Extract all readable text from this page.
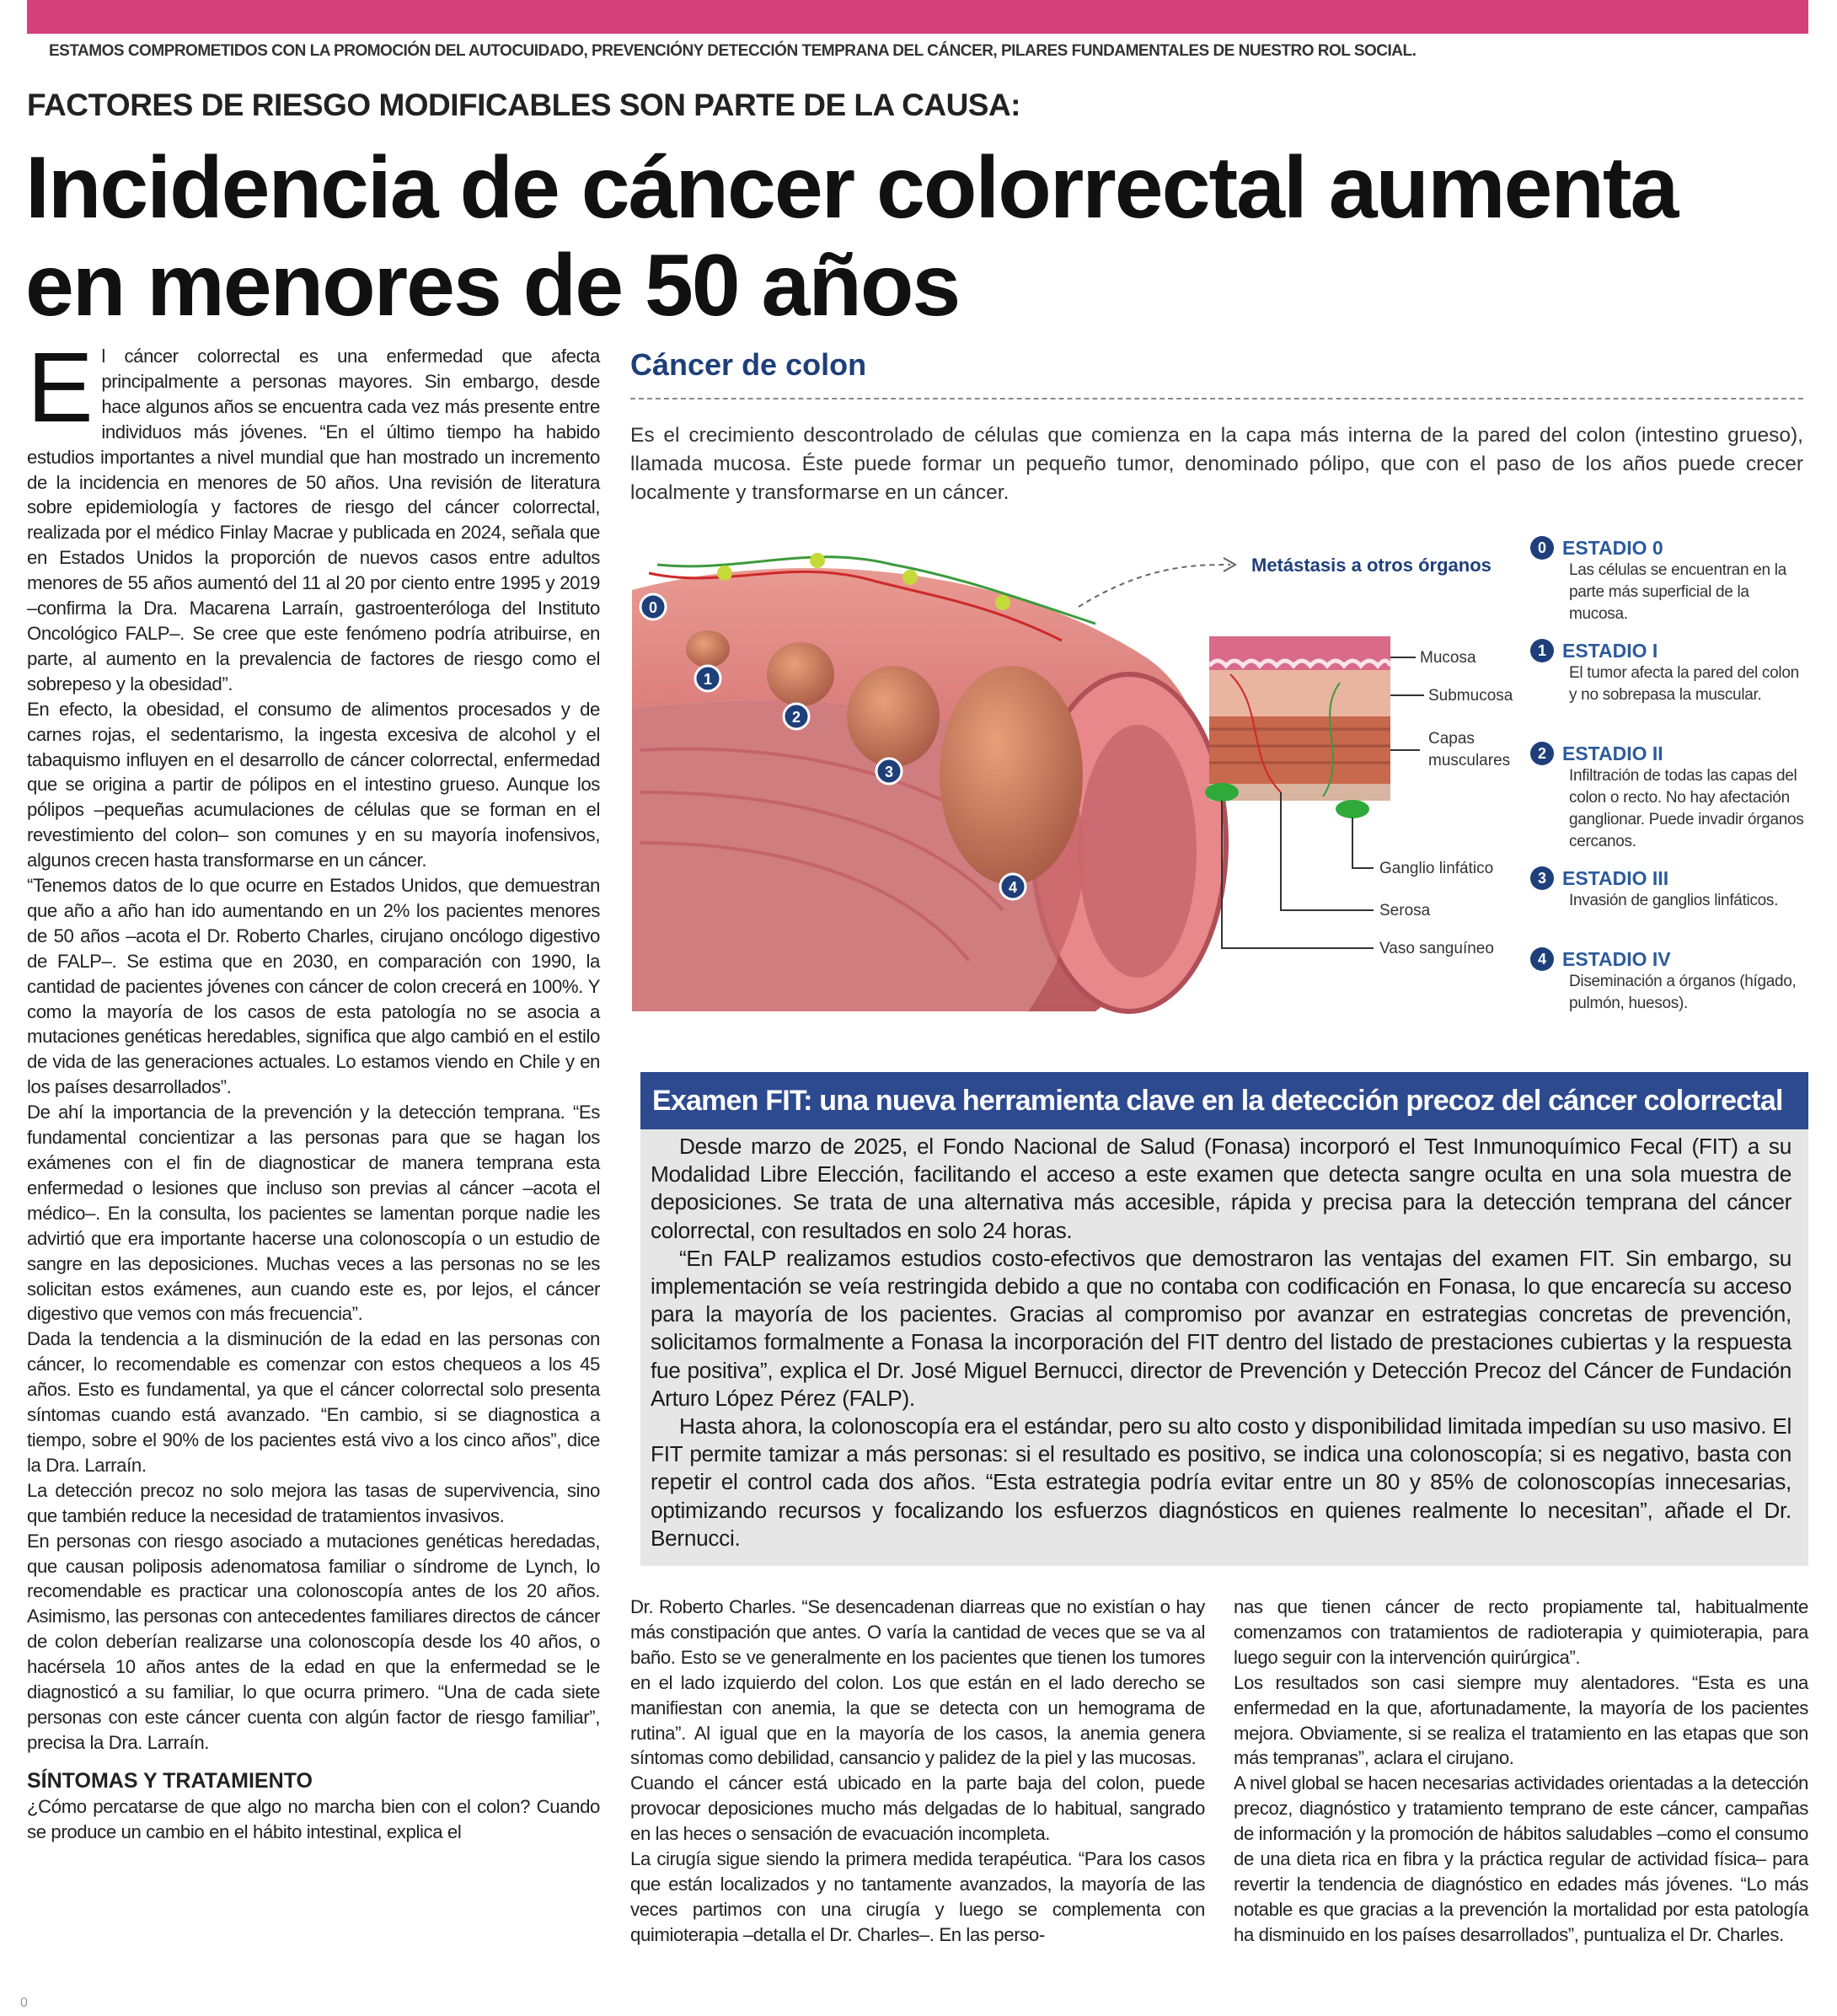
ESTAMOS COMPROMETIDOS CON LA PROMOCIÓN DEL AUTOCUIDADO, PREVENCIÓNY DETECCIÓN TEMPRANA DEL CÁNCER, PILARES FUNDAMENTALES DE NUESTRO ROL SOCIAL.
FACTORES DE RIESGO MODIFICABLES SON PARTE DE LA CAUSA:
Incidencia de cáncer colorrectal aumenta
en menores de 50 años

El cáncer colorrectal es una enfermedad que afecta principalmente a personas mayores. Sin embargo, desde hace algunos años se encuentra cada vez más presente entre individuos más jóvenes. “En el último tiempo ha habido estudios importantes a nivel mundial que han mostrado un incremento de la incidencia en menores de 50 años. Una revisión de literatura sobre epidemiología y factores de riesgo del cáncer colorrectal, realizada por el médico Finlay Macrae y publicada en 2024, señala que en Estados Unidos la proporción de nuevos casos entre adultos menores de 55 años aumentó del 11 al 20 por ciento entre 1995 y 2019 –confirma la Dra. Macarena Larraín, gastroenteróloga del Instituto Oncológico FALP–. Se cree que este fenómeno podría atribuirse, en parte, al aumento en la prevalencia de factores de riesgo como el sobrepeso y la obesidad”.

En efecto, la obesidad, el consumo de alimentos procesados y de carnes rojas, el sedentarismo, la ingesta excesiva de alcohol y el tabaquismo influyen en el desarrollo de cáncer colorrectal, enfermedad que se origina a partir de pólipos en el intestino grueso. Aunque los pólipos –pequeñas acumulaciones de células que se forman en el revestimiento del colon– son comunes y en su mayoría inofensivos, algunos crecen hasta transformarse en un cáncer.

“Tenemos datos de lo que ocurre en Estados Unidos, que demuestran que año a año han ido aumentando en un 2% los pacientes menores de 50 años –acota el Dr. Roberto Charles, cirujano oncólogo digestivo de FALP–. Se estima que en 2030, en comparación con 1990, la cantidad de pacientes jóvenes con cáncer de colon crecerá en 100%. Y como la mayoría de los casos de esta patología no se asocia a mutaciones genéticas heredables, significa que algo cambió en el estilo de vida de las generaciones actuales. Lo estamos viendo en Chile y en los países desarrollados”.

De ahí la importancia de la prevención y la detección temprana. “Es fundamental concientizar a las personas para que se hagan los exámenes con el fin de diagnosticar de manera temprana esta enfermedad o lesiones que incluso son previas al cáncer –acota el médico–. En la consulta, los pacientes se lamentan porque nadie les advirtió que era importante hacerse una colonoscopía o un estudio de sangre en las deposiciones. Muchas veces a las personas no se les solicitan estos exámenes, aun cuando este es, por lejos, el cáncer digestivo que vemos con más frecuencia”.

Dada la tendencia a la disminución de la edad en las personas con cáncer, lo recomendable es comenzar con estos chequeos a los 45 años. Esto es fundamental, ya que el cáncer colorrectal solo presenta síntomas cuando está avanzado. “En cambio, si se diagnostica a tiempo, sobre el 90% de los pacientes está vivo a los cinco años”, dice la Dra. Larraín.

La detección precoz no solo mejora las tasas de supervivencia, sino que también reduce la necesidad de tratamientos invasivos.

En personas con riesgo asociado a mutaciones genéticas heredadas, que causan poliposis adenomatosa familiar o síndrome de Lynch, lo recomendable es practicar una colonoscopía antes de los 20 años. Asimismo, las personas con antecedentes familiares directos de cáncer de colon deberían realizarse una colonoscopía desde los 40 años, o hacérsela 10 años antes de la edad en que la enfermedad se le diagnosticó a su familiar, lo que ocurra primero. “Una de cada siete personas con este cáncer cuenta con algún factor de riesgo familiar”, precisa la Dra. Larraín.

SÍNTOMAS Y TRATAMIENTO

¿Cómo percatarse de que algo no marcha bien con el colon? Cuando se produce un cambio en el hábito intestinal, explica el

Cáncer de colon
Es el crecimiento descontrolado de células que comienza en la capa más interna de la pared del colon (intestino grueso), llamada mucosa. Éste puede formar un pequeño tumor, denominado pólipo, que con el paso de los años puede crecer localmente y transformarse en un cáncer.
0
1
2
3
4
Metástasis a otros órganos
Mucosa
Submucosa
Capas
musculares
Ganglio linfático
Serosa
Vaso sanguíneo
0 ESTADIO 0
Las células se encuentran en la parte más superficial de la mucosa.
1 ESTADIO I
El tumor afecta la pared del colon y no sobrepasa la muscular.
2 ESTADIO II
Infiltración de todas las capas del colon o recto. No hay afectación ganglionar. Puede invadir órganos cercanos.
3 ESTADIO III
Invasión de ganglios linfáticos.
4 ESTADIO IV
Diseminación a órganos (hígado, pulmón, huesos).
Examen FIT: una nueva herramienta clave en la detección precoz del cáncer colorrectal

Desde marzo de 2025, el Fondo Nacional de Salud (Fonasa) incorporó el Test Inmunoquímico Fecal (FIT) a su Modalidad Libre Elección, facilitando el acceso a este examen que detecta sangre oculta en una sola muestra de deposiciones. Se trata de una alternativa más accesible, rápida y precisa para la detección temprana del cáncer colorrectal, con resultados en solo 24 horas.

“En FALP realizamos estudios costo-efectivos que demostraron las ventajas del examen FIT. Sin embargo, su implementación se veía restringida debido a que no contaba con codificación en Fonasa, lo que encarecía su acceso para la mayoría de los pacientes. Gracias al compromiso por avanzar en estrategias concretas de prevención, solicitamos formalmente a Fonasa la incorporación del FIT dentro del listado de prestaciones cubiertas y la respuesta fue positiva”, explica el Dr. José Miguel Bernucci, director de Prevención y Detección Precoz del Cáncer de Fundación Arturo López Pérez (FALP).

Hasta ahora, la colonoscopía era el estándar, pero su alto costo y disponibilidad limitada impedían su uso masivo. El FIT permite tamizar a más personas: si el resultado es positivo, se indica una colonoscopía; si es negativo, basta con repetir el control cada dos años. “Esta estrategia podría evitar entre un 80 y 85% de colonoscopías innecesarias, optimizando recursos y focalizando los esfuerzos diagnósticos en quienes realmente lo necesitan”, añade el Dr. Bernucci.

Dr. Roberto Charles. “Se desencadenan diarreas que no existían o hay más constipación que antes. O varía la cantidad de veces que se va al baño. Esto se ve generalmente en los pacientes que tienen los tumores en el lado izquierdo del colon. Los que están en el lado derecho se manifiestan con anemia, la que se detecta con un hemograma de rutina”. Al igual que en la mayoría de los casos, la anemia genera síntomas como debilidad, cansancio y palidez de la piel y las mucosas.

Cuando el cáncer está ubicado en la parte baja del colon, puede provocar deposiciones mucho más delgadas de lo habitual, sangrado en las heces o sensación de evacuación incompleta.

La cirugía sigue siendo la primera medida terapéutica. “Para los casos que están localizados y no tantamente avanzados, la mayoría de las veces partimos con una cirugía y luego se complementa con quimioterapia –detalla el Dr. Charles–. En las perso-

nas que tienen cáncer de recto propiamente tal, habitualmente comenzamos con tratamientos de radioterapia y quimioterapia, para luego seguir con la intervención quirúrgica”.

Los resultados son casi siempre muy alentadores. “Esta es una enfermedad en la que, afortunadamente, la mayoría de los pacientes mejora. Obviamente, si se realiza el tratamiento en las etapas que son más tempranas”, aclara el cirujano.

A nivel global se hacen necesarias actividades orientadas a la detección precoz, diagnóstico y tratamiento temprano de este cáncer, campañas de información y la promoción de hábitos saludables –como el consumo de una dieta rica en fibra y la práctica regular de actividad física– para revertir la tendencia de diagnóstico en edades más jóvenes. “Lo más notable es que gracias a la prevención la mortalidad por esta patología ha disminuido en los países desarrollados”, puntualiza el Dr. Charles.

0
